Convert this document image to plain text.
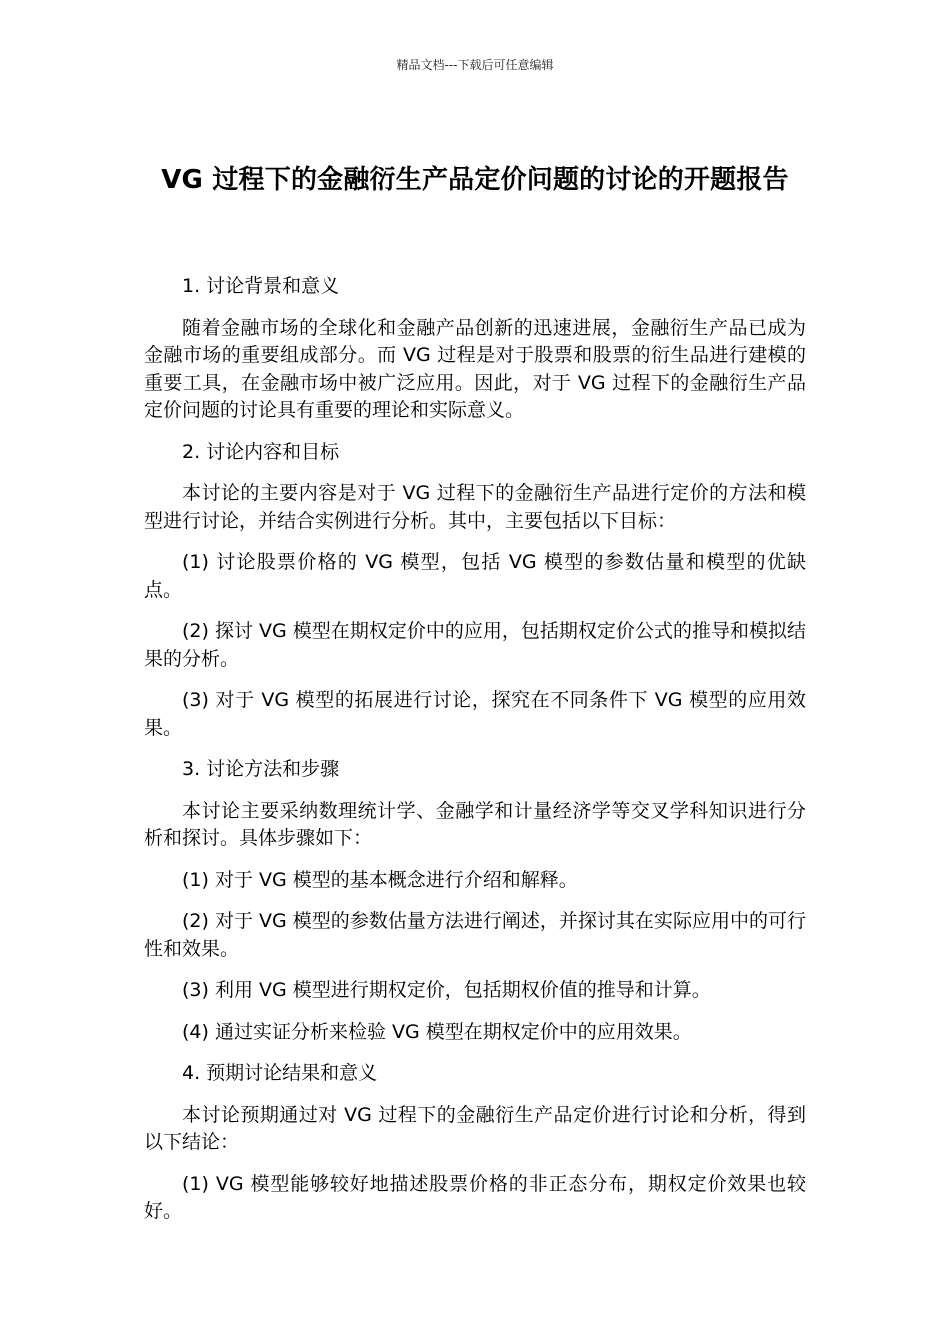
精品文档---下载后可任意编辑
VG 过程下的金融衍生产品定价问题的讨论的开题报告

1. 讨论背景和意义

随着金融市场的全球化和金融产品创新的迅速进展，金融衍生产品已成为金融市场的重要组成部分。而 VG 过程是对于股票和股票的衍生品进行建模的重要工具，在金融市场中被广泛应用。因此，对于 VG 过程下的金融衍生产品定价问题的讨论具有重要的理论和实际意义。

2. 讨论内容和目标

本讨论的主要内容是对于 VG 过程下的金融衍生产品进行定价的方法和模型进行讨论，并结合实例进行分析。其中，主要包括以下目标：

(1) 讨论股票价格的 VG 模型，包括 VG 模型的参数估量和模型的优缺点。

(2) 探讨 VG 模型在期权定价中的应用，包括期权定价公式的推导和模拟结果的分析。

(3) 对于 VG 模型的拓展进行讨论，探究在不同条件下 VG 模型的应用效果。

3. 讨论方法和步骤

本讨论主要采纳数理统计学、金融学和计量经济学等交叉学科知识进行分析和探讨。具体步骤如下：

(1) 对于 VG 模型的基本概念进行介绍和解释。

(2) 对于 VG 模型的参数估量方法进行阐述，并探讨其在实际应用中的可行性和效果。

(3) 利用 VG 模型进行期权定价，包括期权价值的推导和计算。

(4) 通过实证分析来检验 VG 模型在期权定价中的应用效果。

4. 预期讨论结果和意义

本讨论预期通过对 VG 过程下的金融衍生产品定价进行讨论和分析，得到以下结论：

(1) VG 模型能够较好地描述股票价格的非正态分布，期权定价效果也较好。
